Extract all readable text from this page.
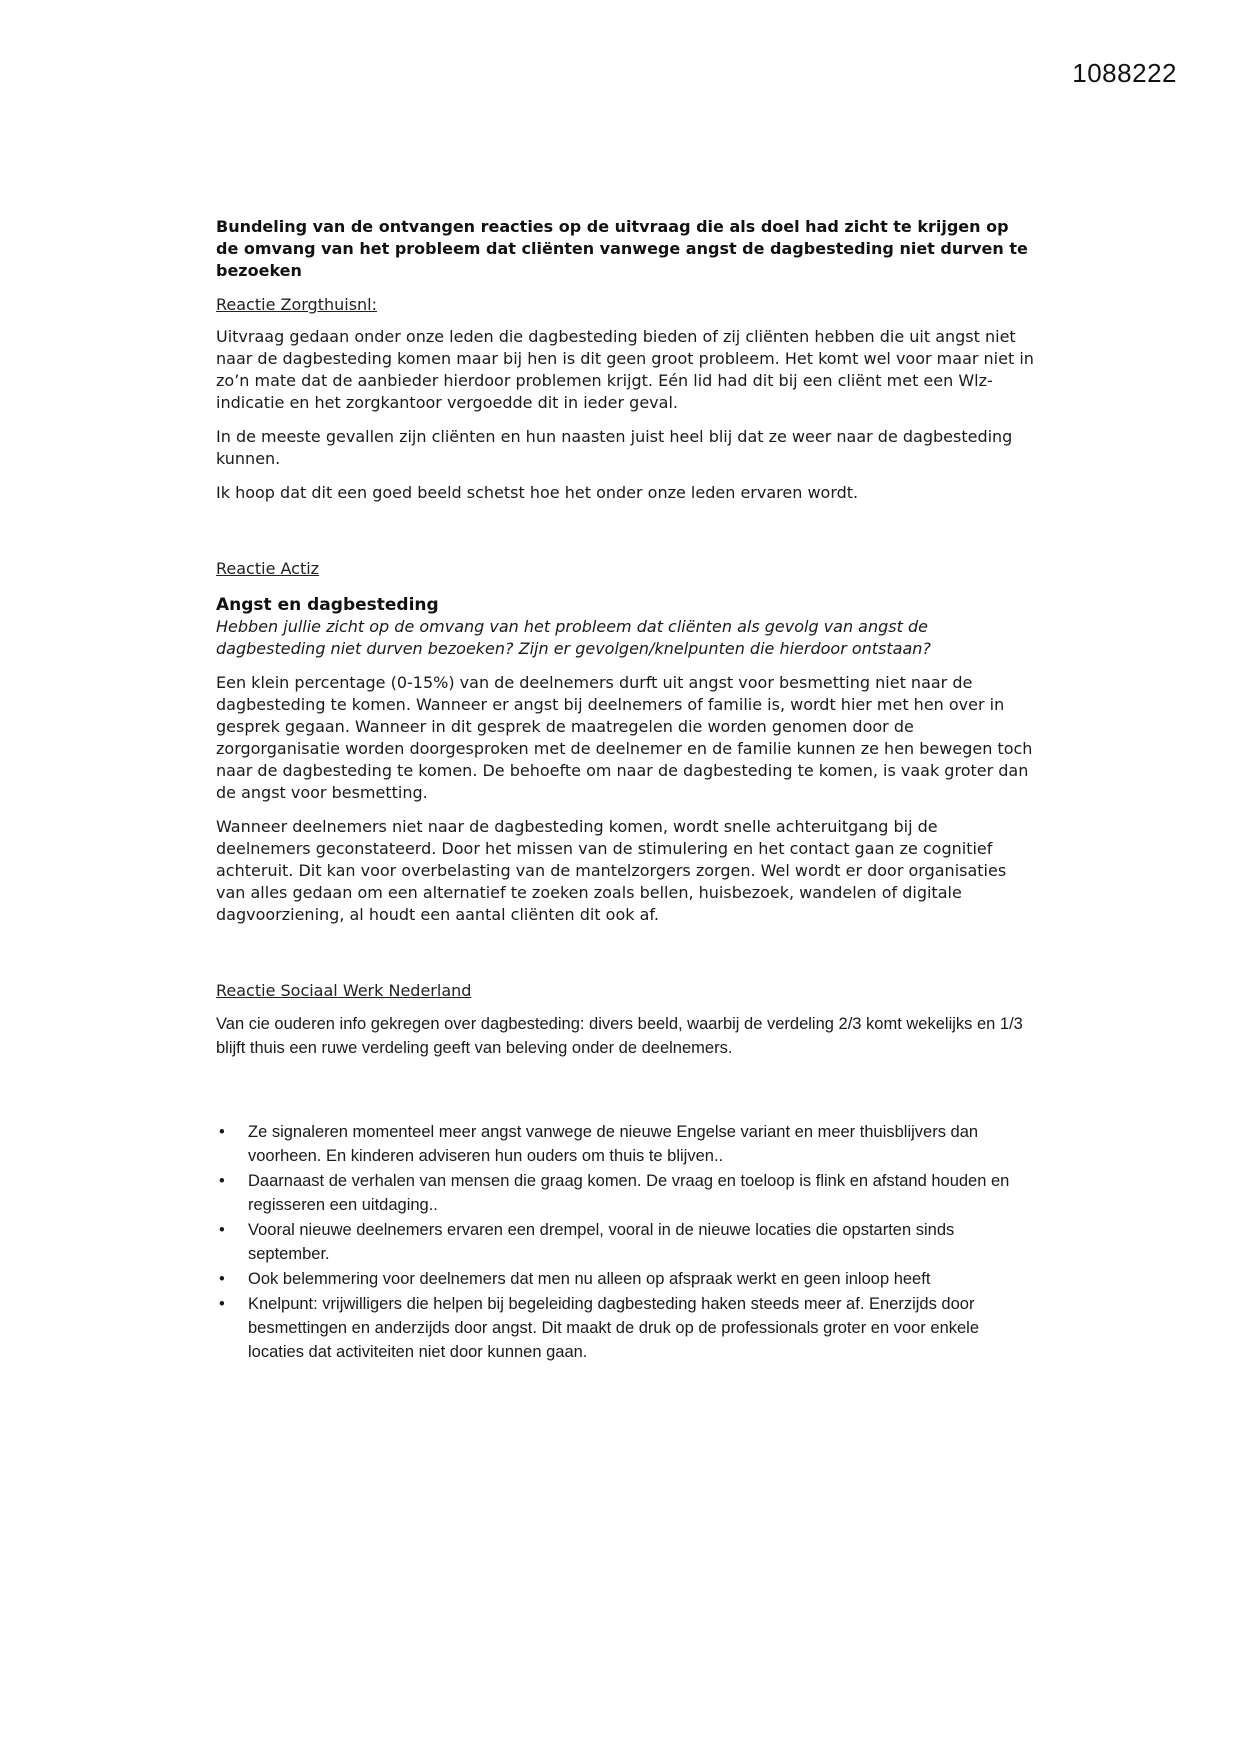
1088222
Bundeling van de ontvangen reacties op de uitvraag die als doel had zicht te krijgen op de omvang van het probleem dat cliënten vanwege angst de dagbesteding niet durven te bezoeken
Reactie Zorgthuisnl:

Uitvraag gedaan onder onze leden die dagbesteding bieden of zij cliënten hebben die uit angst niet naar de dagbesteding komen maar bij hen is dit geen groot probleem. Het komt wel voor maar niet in zo’n mate dat de aanbieder hierdoor problemen krijgt. Eén lid had dit bij een cliënt met een Wlz-indicatie en het zorgkantoor vergoedde dit in ieder geval.

In de meeste gevallen zijn cliënten en hun naasten juist heel blij dat ze weer naar de dagbesteding kunnen.

Ik hoop dat dit een goed beeld schetst hoe het onder onze leden ervaren wordt.

Reactie Actiz
Angst en dagbesteding
Hebben jullie zicht op de omvang van het probleem dat cliënten als gevolg van angst de dagbesteding niet durven bezoeken? Zijn er gevolgen/knelpunten die hierdoor ontstaan?

Een klein percentage (0-15%) van de deelnemers durft uit angst voor besmetting niet naar de dagbesteding te komen. Wanneer er angst bij deelnemers of familie is, wordt hier met hen over in gesprek gegaan. Wanneer in dit gesprek de maatregelen die worden genomen door de zorgorganisatie worden doorgesproken met de deelnemer en de familie kunnen ze hen bewegen toch naar de dagbesteding te komen. De behoefte om naar de dagbesteding te komen, is vaak groter dan de angst voor besmetting.

Wanneer deelnemers niet naar de dagbesteding komen, wordt snelle achteruitgang bij de deelnemers geconstateerd. Door het missen van de stimulering en het contact gaan ze cognitief achteruit. Dit kan voor overbelasting van de mantelzorgers zorgen. Wel wordt er door organisaties van alles gedaan om een alternatief te zoeken zoals bellen, huisbezoek, wandelen of digitale dagvoorziening, al houdt een aantal cliënten dit ook af.

Reactie Sociaal Werk Nederland

Van cie ouderen info gekregen over dagbesteding: divers beeld, waarbij de verdeling 2/3 komt wekelijks en 1/3 blijft thuis een ruwe verdeling geeft van beleving onder de deelnemers.

• Ze signaleren momenteel meer angst vanwege de nieuwe Engelse variant en meer thuisblijvers dan voorheen. En kinderen adviseren hun ouders om thuis te blijven..
• Daarnaast de verhalen van mensen die graag komen. De vraag en toeloop is flink en afstand houden en regisseren een uitdaging..
• Vooral nieuwe deelnemers ervaren een drempel, vooral in de nieuwe locaties die opstarten sinds september.
• Ook belemmering voor deelnemers dat men nu alleen op afspraak werkt en geen inloop heeft
• Knelpunt: vrijwilligers die helpen bij begeleiding dagbesteding haken steeds meer af. Enerzijds door besmettingen en anderzijds door angst. Dit maakt de druk op de professionals groter en voor enkele locaties dat activiteiten niet door kunnen gaan.
